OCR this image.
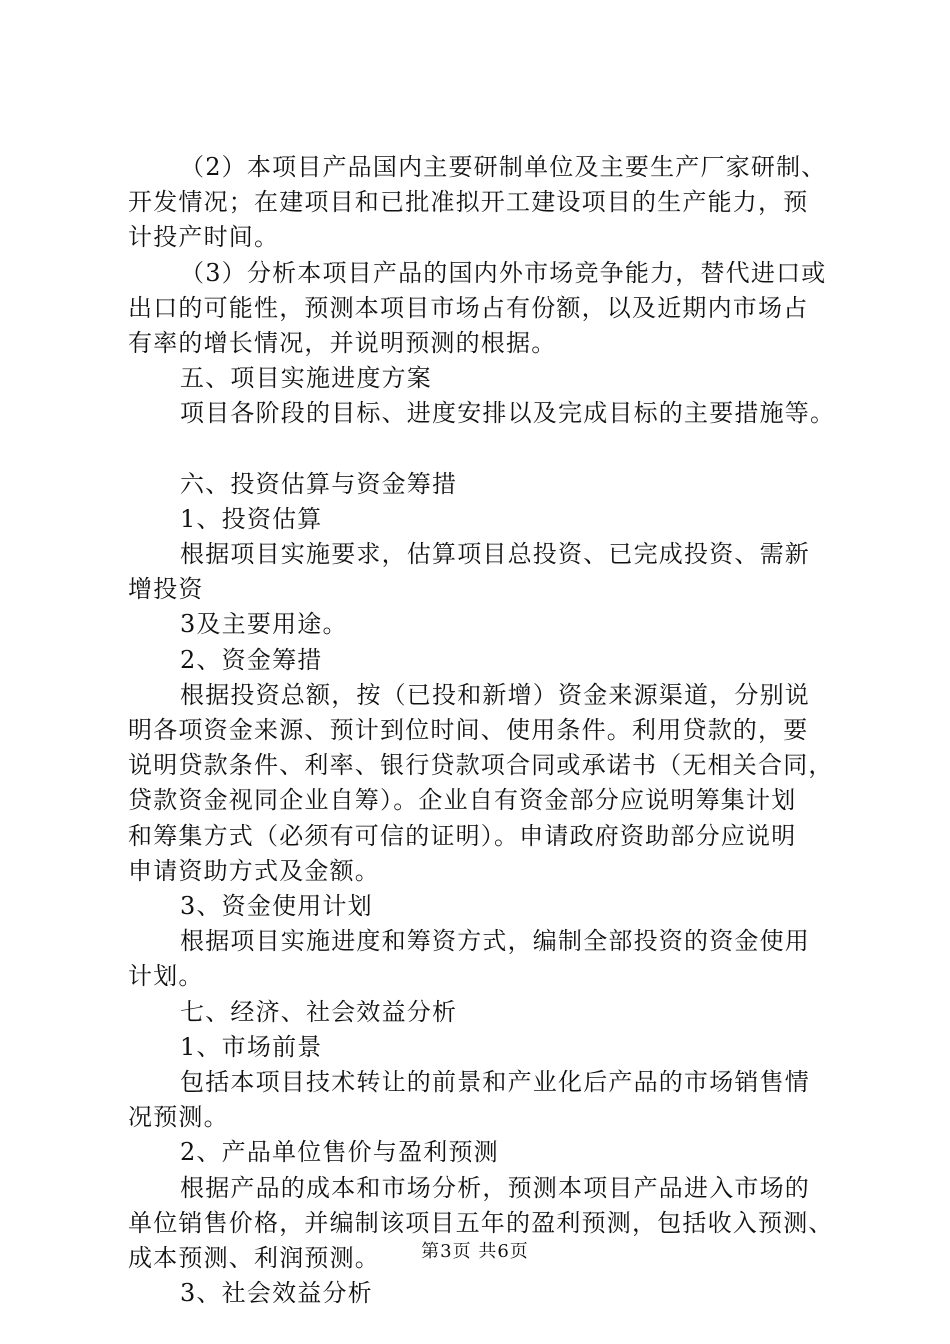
（2）本项目产品国内主要研制单位及主要生产厂家研制、

开发情况；在建项目和已批准拟开工建设项目的生产能力，预

计投产时间。

（3）分析本项目产品的国内外市场竞争能力，替代进口或

出口的可能性，预测本项目市场占有份额，以及近期内市场占

有率的增长情况，并说明预测的根据。

五、项目实施进度方案

项目各阶段的目标、进度安排以及完成目标的主要措施等。

六、投资估算与资金筹措

1、投资估算

根据项目实施要求，估算项目总投资、已完成投资、需新

增投资

3及主要用途。

2、资金筹措

根据投资总额，按（已投和新增）资金来源渠道，分别说

明各项资金来源、预计到位时间、使用条件。利用贷款的，要

说明贷款条件、利率、银行贷款项合同或承诺书（无相关合同，

贷款资金视同企业自筹）。企业自有资金部分应说明筹集计划

和筹集方式（必须有可信的证明）。申请政府资助部分应说明

申请资助方式及金额。

3、资金使用计划

根据项目实施进度和筹资方式，编制全部投资的资金使用

计划。

七、经济、社会效益分析

1、市场前景

包括本项目技术转让的前景和产业化后产品的市场销售情

况预测。

2、产品单位售价与盈利预测

根据产品的成本和市场分析，预测本项目产品进入市场的

单位销售价格，并编制该项目五年的盈利预测，包括收入预测、

成本预测、利润预测。

3、社会效益分析

第3页 共6页
